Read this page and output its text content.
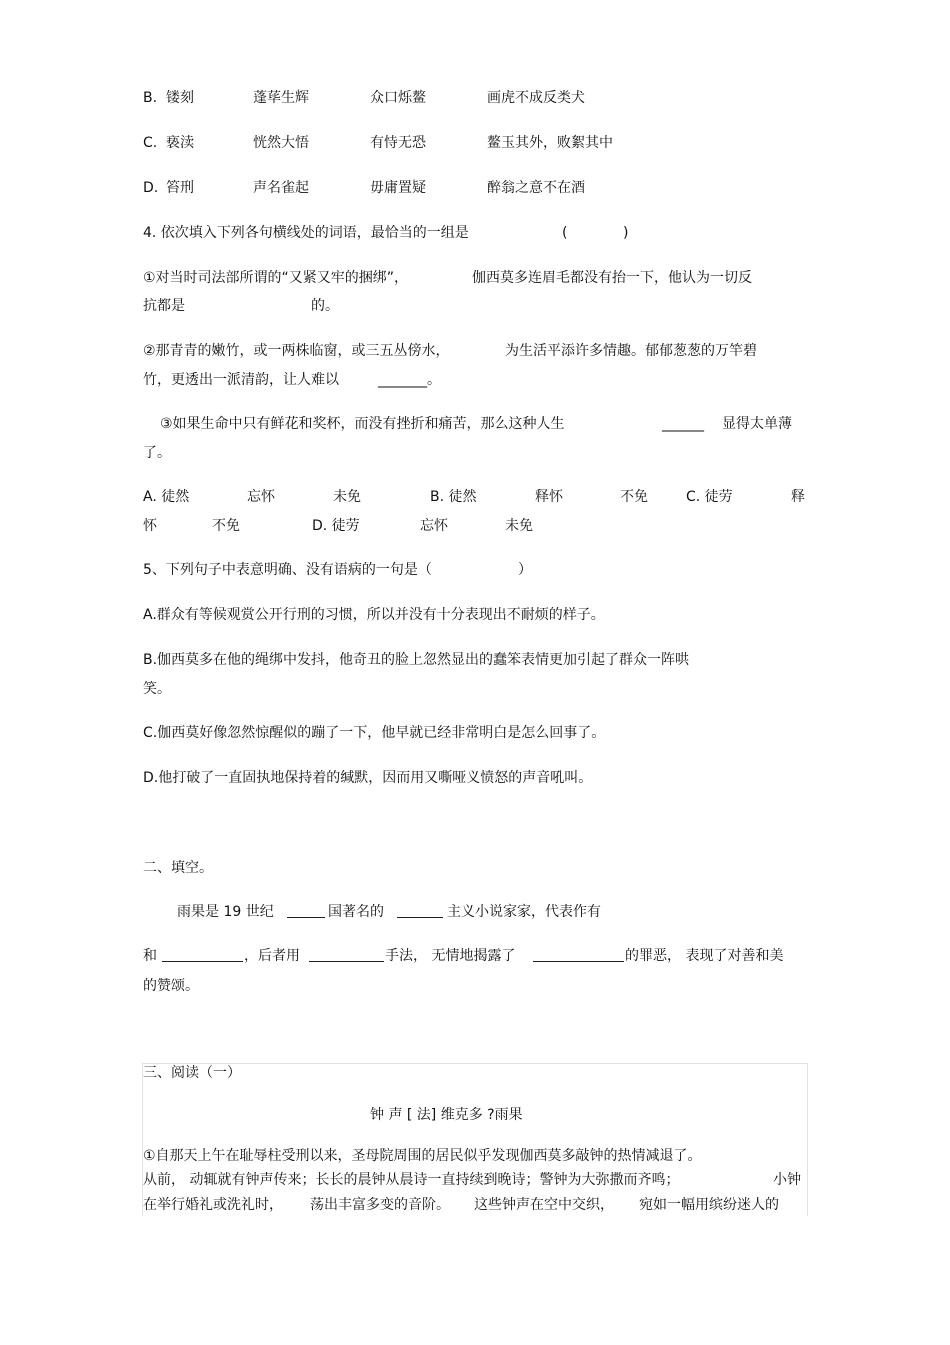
B. 镂刻	蓬荜生辉	众口烁鳌	画虎不成反类犬
C. 亵渎	恍然大悟	有恃无恐	鳌玉其外，败絮其中
D. 笞刑	声名雀起	毋庸置疑	醉翁之意不在酒
4. 依次填入下列各句横线处的词语，最恰当的一组是	(	)
①对当时司法部所谓的“又紧又牢的捆绑”，	伽西莫多连眉毛都没有抬一下，他认为一切反
抗都是	的。
②那青青的嫩竹，或一两株临窗，或三五丛傍水，	为生活平添许多情趣。郁郁葱葱的万竿碧
竹，更透出一派清韵，让人难以	_______。
③如果生命中只有鲜花和奖杯，而没有挫折和痛苦，那么这种人生	______ 显得太单薄
了。
A. 徒然	忘怀	未免	B. 徒然	释怀	不免	C. 徒劳	释
怀	不免	D. 徒劳	忘怀	未免
5、下列句子中表意明确、没有语病的一句是（	）
A.群众有等候观赏公开行刑的习惯，所以并没有十分表现出不耐烦的样子。
B.伽西莫多在他的绳绑中发抖，他奇丑的脸上忽然显出的蠢笨表情更加引起了群众一阵哄
笑。
C.伽西莫好像忽然惊醒似的蹦了一下，他早就已经非常明白是怎么回事了。
D.他打破了一直固执地保持着的缄默，因而用又嘶哑义愤怒的声音吼叫。
二、填空。
雨果是 19 世纪	国著名的	主义小说家家，代表作有
和	，后者用	手法， 无情地揭露了	的罪恶， 表现了对善和美
的赞颂。
三、阅读（一）
钟 声 [ 法] 维克多 ?雨果
①自那天上午在耻辱柱受刑以来，圣母院周围的居民似乎发现伽西莫多敲钟的热情减退了。
从前， 动辄就有钟声传来；长长的晨钟从晨诗一直持续到晚诗；警钟为大弥撒而齐鸣；	小钟
在举行婚礼或洗礼时， 荡出丰富多变的音阶。 这些钟声在空中交织， 宛如一幅用缤纷迷人的
